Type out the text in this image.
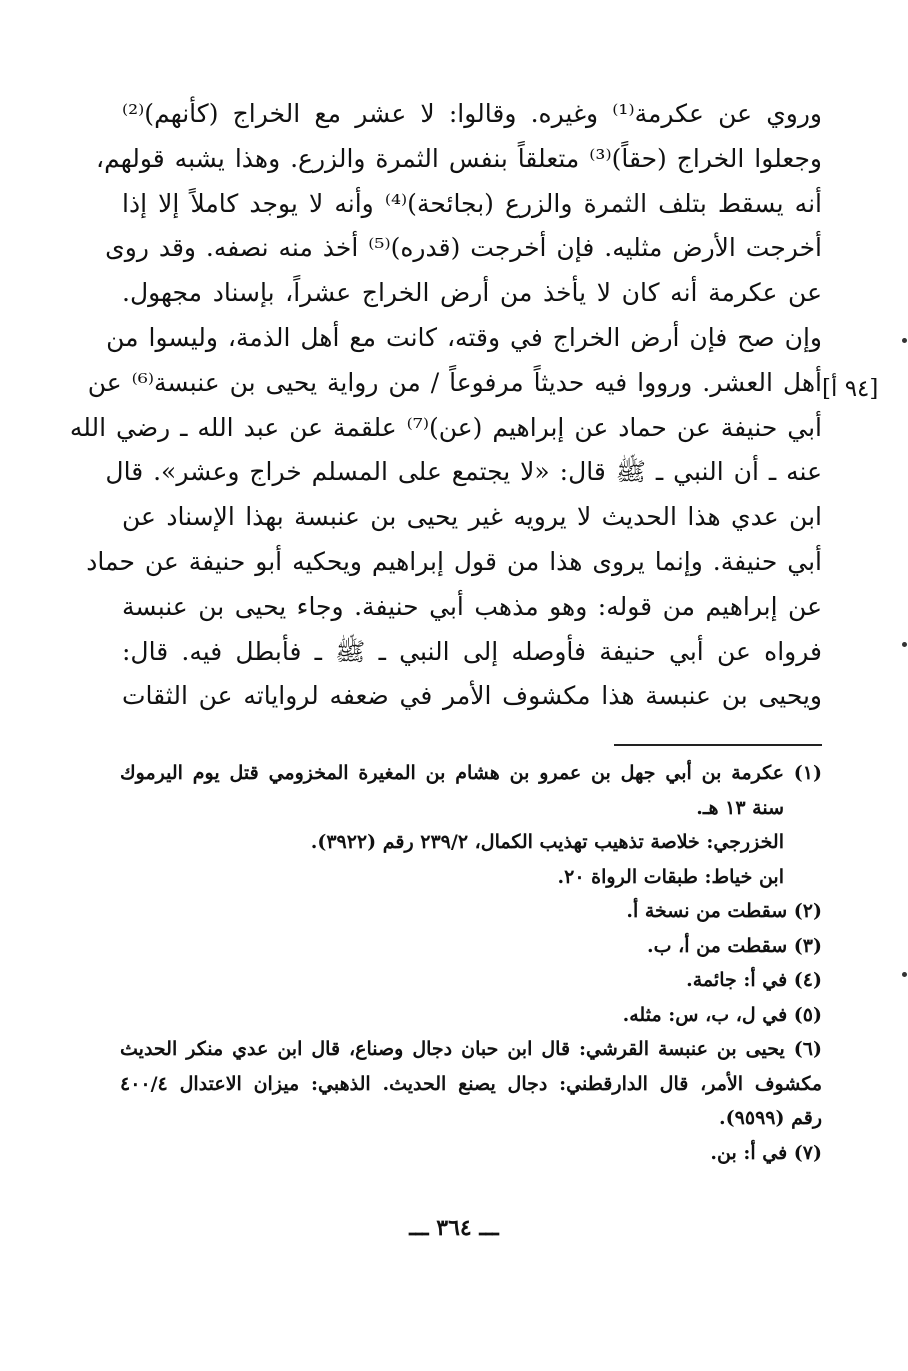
وروي عن عكرمة⁽¹⁾ وغيره. وقالوا: لا عشر مع الخراج (كأنهم)⁽²⁾
وجعلوا الخراج (حقاً)⁽³⁾ متعلقاً بنفس الثمرة والزرع. وهذا يشبه قولهم،
أنه يسقط بتلف الثمرة والزرع (بجائحة)⁽⁴⁾ وأنه لا يوجد كاملاً إلا إذا
أخرجت الأرض مثليه. فإن أخرجت (قدره)⁽⁵⁾ أخذ منه نصفه. وقد روى
عن عكرمة أنه كان لا يأخذ من أرض الخراج عشراً، بإسناد مجهول.
وإن صح فإن أرض الخراج في وقته، كانت مع أهل الذمة، وليسوا من
أهل العشر. ورووا فيه حديثاً مرفوعاً / من رواية يحيى بن عنبسة⁽⁶⁾ عن
أبي حنيفة عن حماد عن إبراهيم (عن)⁽⁷⁾ علقمة عن عبد الله ـ رضي الله
عنه ـ أن النبي ـ ﷺ قال: «لا يجتمع على المسلم خراج وعشر». قال
ابن عدي هذا الحديث لا يرويه غير يحيى بن عنبسة بهذا الإسناد عن
أبي حنيفة. وإنما يروى هذا من قول إبراهيم ويحكيه أبو حنيفة عن حماد
عن إبراهيم من قوله: وهو مذهب أبي حنيفة. وجاء يحيى بن عنبسة
فرواه عن أبي حنيفة فأوصله إلى النبي ـ ﷺ ـ فأبطل فيه. قال:
ويحيى بن عنبسة هذا مكشوف الأمر في ضعفه لرواياته عن الثقات
[٩٤ أ]
(١) عكرمة بن أبي جهل بن عمرو بن هشام بن المغيرة المخزومي قتل يوم اليرموك
سنة ١٣ هـ.
الخزرجي: خلاصة تذهيب تهذيب الكمال، ٢٣٩/٢ رقم (٣٩٢٢).
ابن خياط: طبقات الرواة ٢٠.
(٢) سقطت من نسخة أ.
(٣) سقطت من أ، ب.
(٤) في أ: جائمة.
(٥) في ل، ب، س: مثله.
(٦) يحيى بن عنبسة القرشي: قال ابن حبان دجال وصناع، قال ابن عدي منكر الحديث
مكشوف الأمر، قال الدارقطني: دجال يصنع الحديث. الذهبي: ميزان الاعتدال ٤٠٠/٤
رقم (٩٥٩٩).
(٧) في أ: بن.
ـــ ٣٦٤ ـــ
